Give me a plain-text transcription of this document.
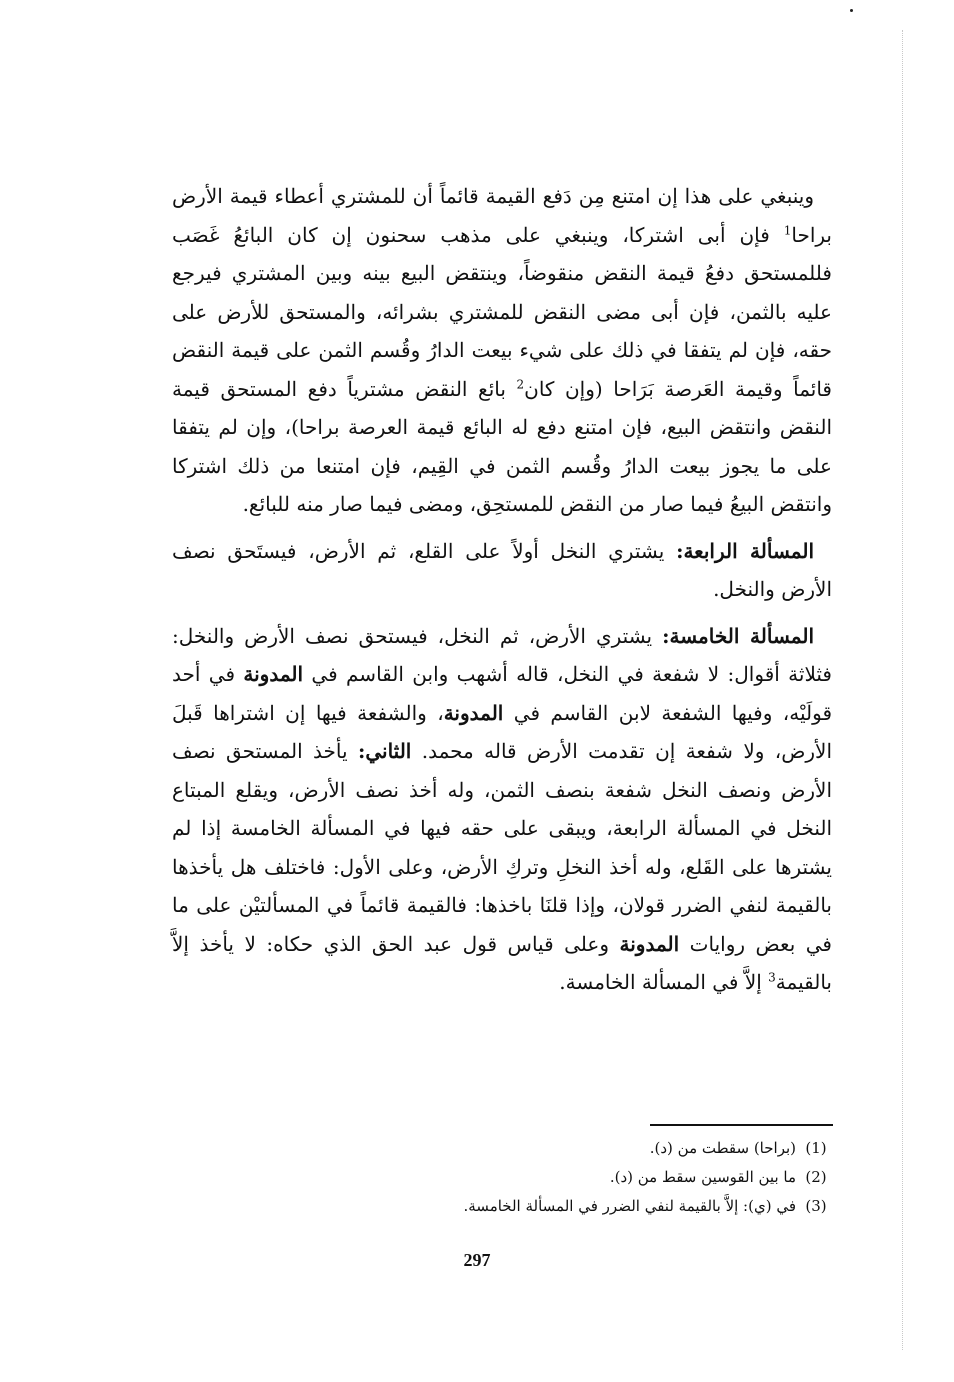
وينبغي على هذا إن امتنع مِن دَفع القيمة قائماً أن للمشتري أعطاء قيمة الأرض براحا$^1$ فإن أبى اشتركا، وينبغي على مذهب سحنون إن كان البائعُ غَصَب فللمستحق دفعُ قيمة النقض منقوضاً، وينتقض البيع بينه وبين المشتري فيرجع عليه بالثمن، فإن أبى مضى النقض للمشتري بشرائه، والمستحق للأرض على حقه، فإن لم يتفقا في ذلك على شيء بيعت الدارُ وقُسم الثمن على قيمة النقض قائماً وقيمة العَرصة بَرَاحا (وإن كان$^2$ بائع النقض مشترياً دفع المستحق قيمة النقض وانتقض البيع، فإن امتنع دفع له البائع قيمة العرصة براحا)، وإن لم يتفقا على ما يجوز بيعت الدارُ وقُسم الثمن في القِيم، فإن امتنعا من ذلك اشتركا وانتقض البيعُ فيما صار من النقض للمستحِق، ومضى فيما صار منه للبائع.

المسألة الرابعة: يشتري النخل أولاً على القلع، ثم الأرض، فيستَحق نصف الأرض والنخل.

المسألة الخامسة: يشتري الأرض، ثم النخل، فيستحق نصف الأرض والنخل: فثلاثة أقوال: لا شفعة في النخل، قاله أشهب وابن القاسم في المدونة في أحد قولَيْه، وفيها الشفعة لابن القاسم في المدونة، والشفعة فيها إن اشتراها قَبلَ الأرض، ولا شفعة إن تقدمت الأرض قاله محمد. الثاني: يأخذ المستحق نصف الأرض ونصف النخل شفعة بنصف الثمن، وله أخذ نصف الأرض، ويقلع المبتاع النخل في المسألة الرابعة، ويبقى على حقه فيها في المسألة الخامسة إذا لم يشترها على القَلع، وله أخذ النخلِ وتركِ الأرض، وعلى الأول: فاختلف هل يأخذها بالقيمة لنفي الضرر قولان، وإذا قلنَا باخذها: فالقيمة قائماً في المسألتيْن على ما في بعض روايات المدونة وعلى قياس قول عبد الحق الذي حكاه: لا يأخذ إلاَّ بالقيمة$^3$ إلاَّ في المسألة الخامسة.

(1)
(براحا) سقطت من (د).
(2)
ما بين القوسين سقط من (د).
(3)
في (ي): إلاَّ بالقيمة لنفي الضرر في المسألة الخامسة.
297
